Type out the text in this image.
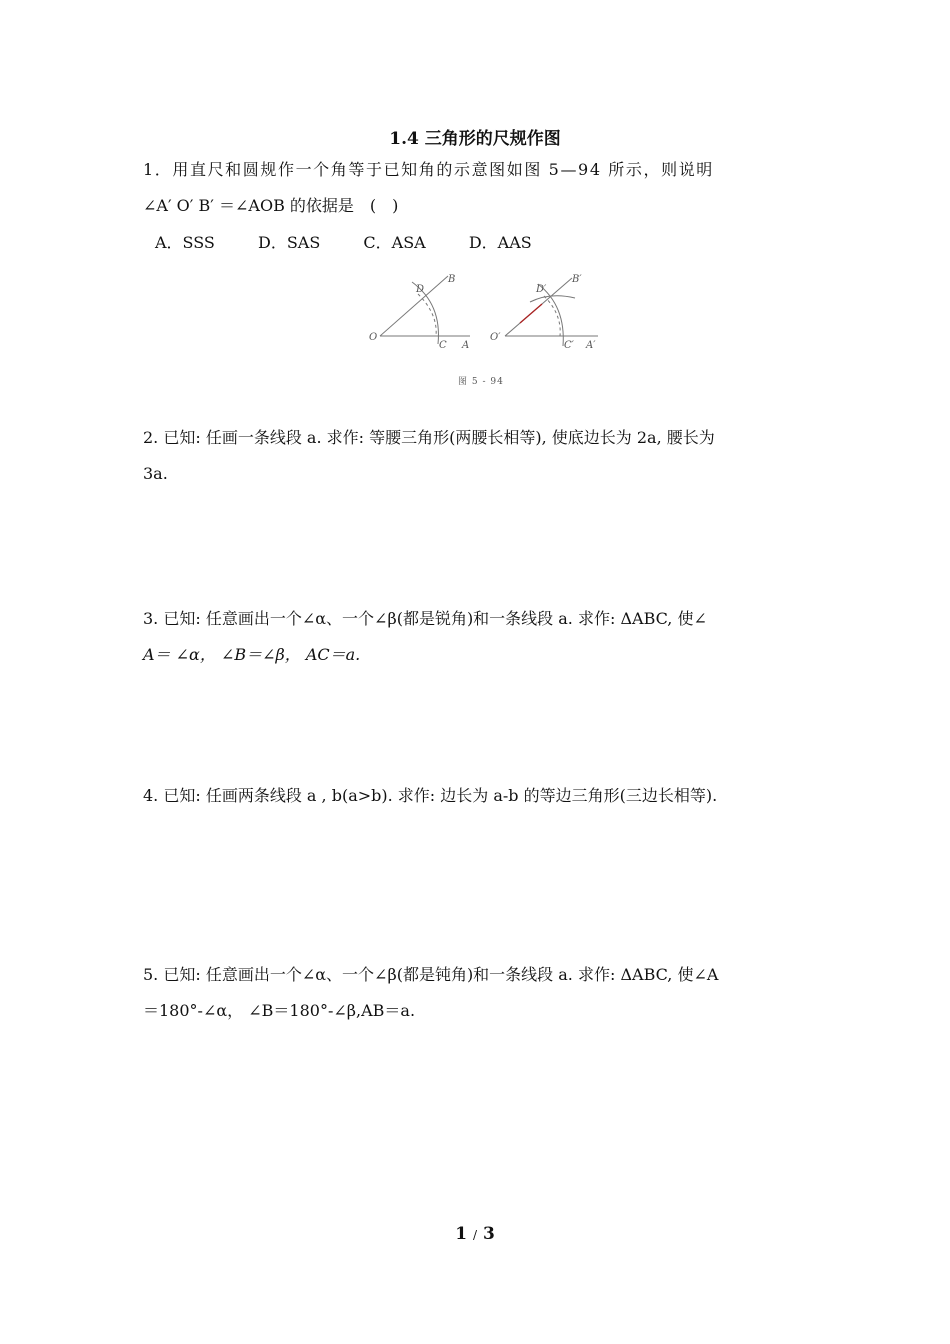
1.4 三角形的尺规作图
1．用直尺和圆规作一个角等于已知角的示意图如图 5—94 所示，则说明
∠A′ O′ B′ ＝∠AOB 的依据是　(　)
A．SSS	D．SAS	C．ASA	D．AAS
O
C A
D
B
O′
C′ A′
D′
B′
图 5 - 94
2. 已知: 任画一条线段 a. 求作: 等腰三角形(两腰长相等), 使底边长为 2a, 腰长为
3a.
3. 已知: 任意画出一个∠α、一个∠β(都是锐角)和一条线段 a. 求作: ΔABC, 使∠
A＝ ∠α， ∠B＝∠β， AC＝a.
4. 已知: 任画两条线段 a , b(a>b). 求作: 边长为 a-b 的等边三角形(三边长相等).
5. 已知: 任意画出一个∠α、一个∠β(都是钝角)和一条线段 a. 求作: ΔABC, 使∠A
＝180°-∠α， ∠B＝180°-∠β,AB＝a.
1 / 3
